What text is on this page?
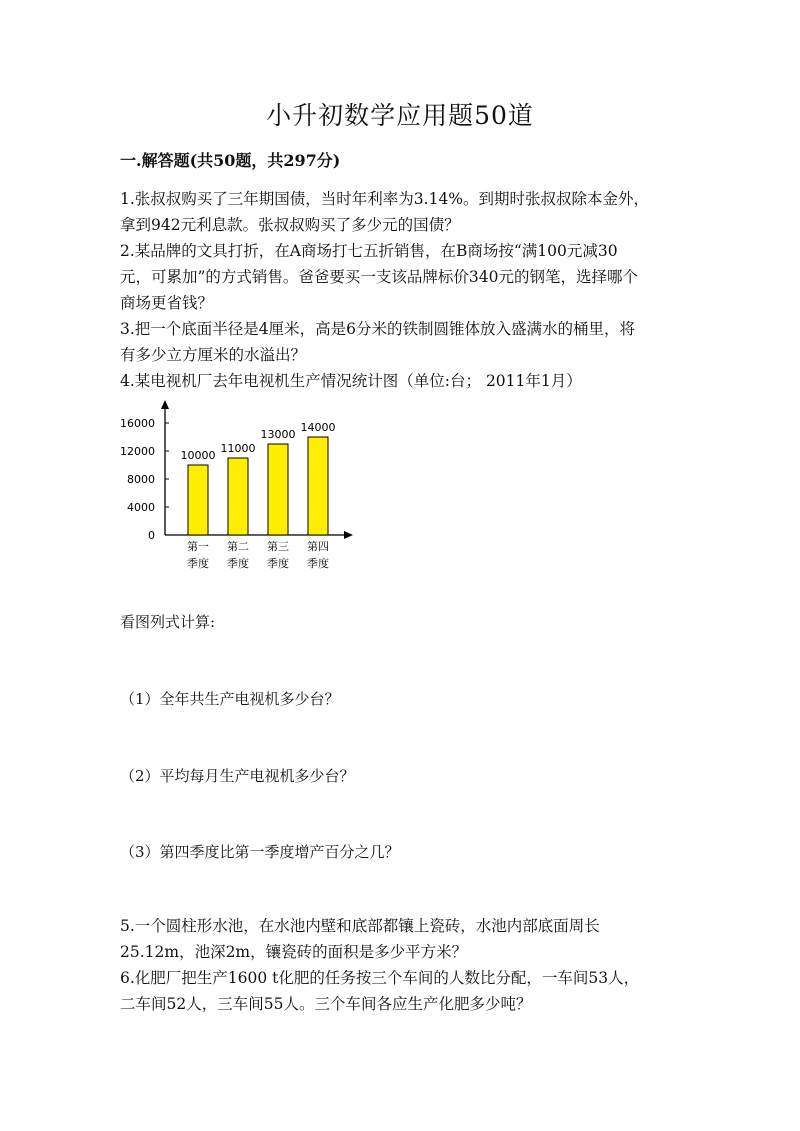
小升初数学应用题50道
一.解答题(共50题，共297分)

1.张叔叔购买了三年期国债，当时年利率为3.14%。到期时张叔叔除本金外，

拿到942元利息款。张叔叔购买了多少元的国债？

2.某品牌的文具打折，在A商场打七五折销售，在B商场按“满100元减30

元，可累加”的方式销售。爸爸要买一支该品牌标价340元的钢笔，选择哪个

商场更省钱？

3.把一个底面半径是4厘米，高是6分米的铁制圆锥体放入盛满水的桶里，将

有多少立方厘米的水溢出？

4.某电视机厂去年电视机生产情况统计图（单位:台； 2011年1月）

0
4000
8000
12000
16000
10000
第一
季度
11000
第二
季度
13000
第三
季度
14000
第四
季度
看图列式计算:
（1）全年共生产电视机多少台？
（2）平均每月生产电视机多少台？
（3）第四季度比第一季度增产百分之几？

5.一个圆柱形水池，在水池内壁和底部都镶上瓷砖，水池内部底面周长

25.12m，池深2m，镶瓷砖的面积是多少平方米？

6.化肥厂把生产1600 t化肥的任务按三个车间的人数比分配，一车间53人，

二车间52人，三车间55人。三个车间各应生产化肥多少吨？
